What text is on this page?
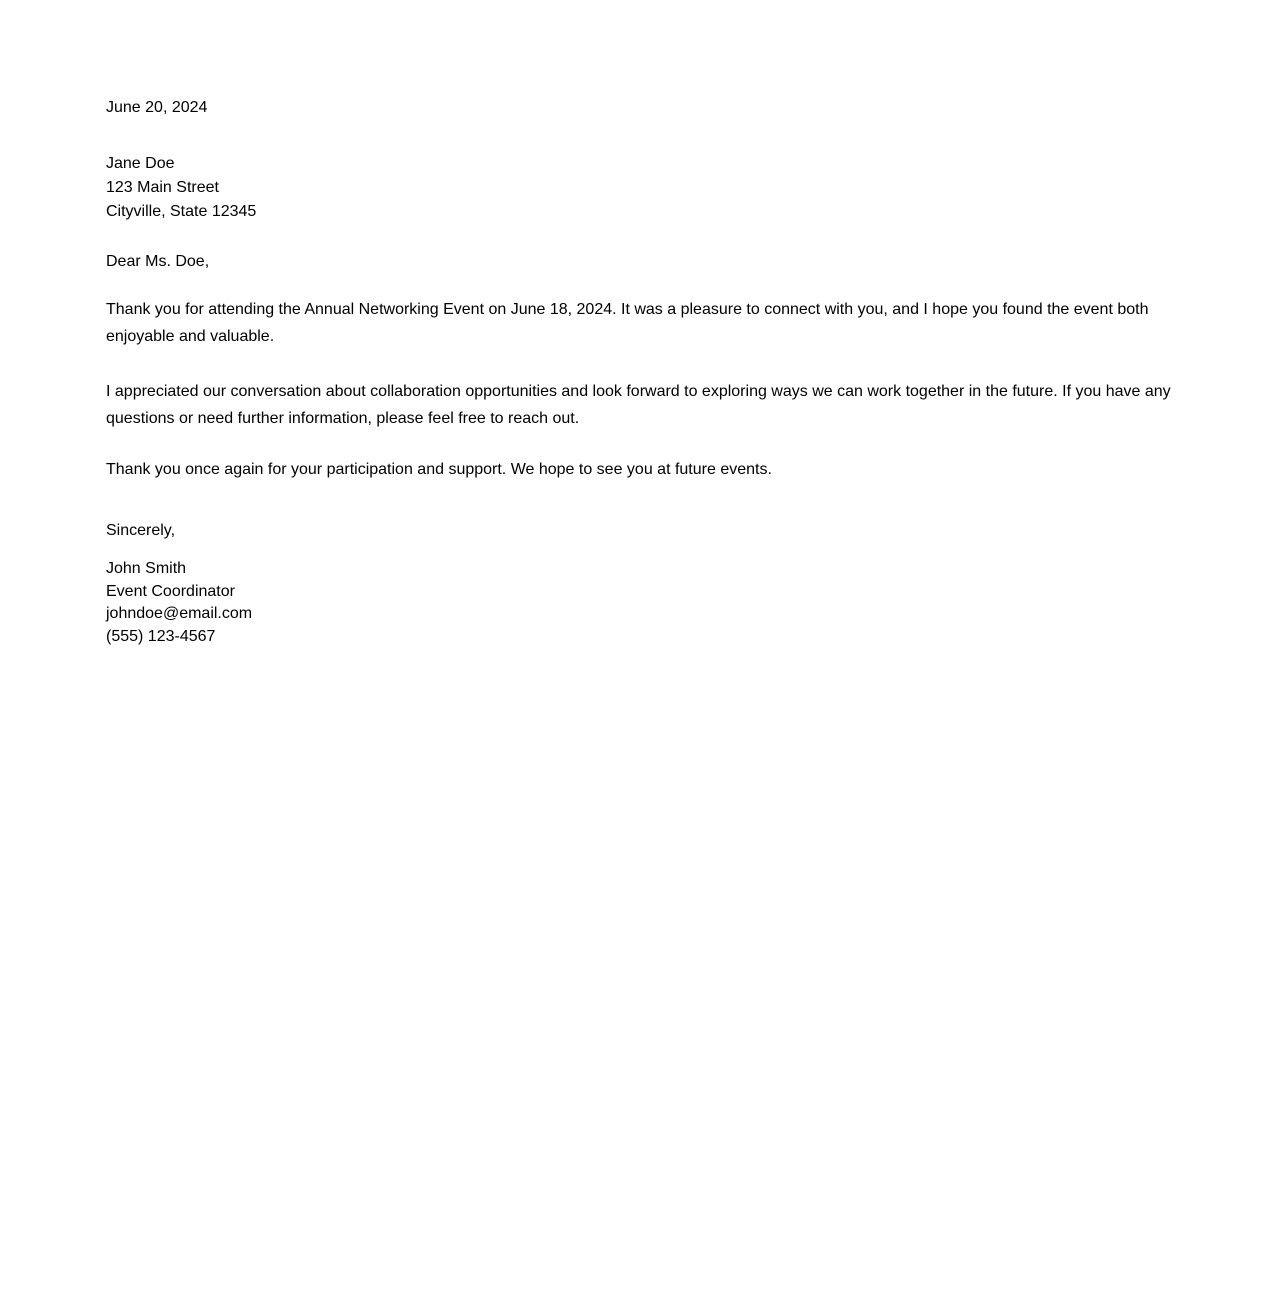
June 20, 2024
Jane Doe
123 Main Street
Cityville, State 12345
Dear Ms. Doe,
Thank you for attending the Annual Networking Event on June 18, 2024. It was a pleasure to connect with you, and I hope you found the event both enjoyable and valuable.
I appreciated our conversation about collaboration opportunities and look forward to exploring ways we can work together in the future. If you have any questions or need further information, please feel free to reach out.
Thank you once again for your participation and support. We hope to see you at future events.
Sincerely,
John Smith
Event Coordinator
johndoe@email.com
(555) 123-4567
